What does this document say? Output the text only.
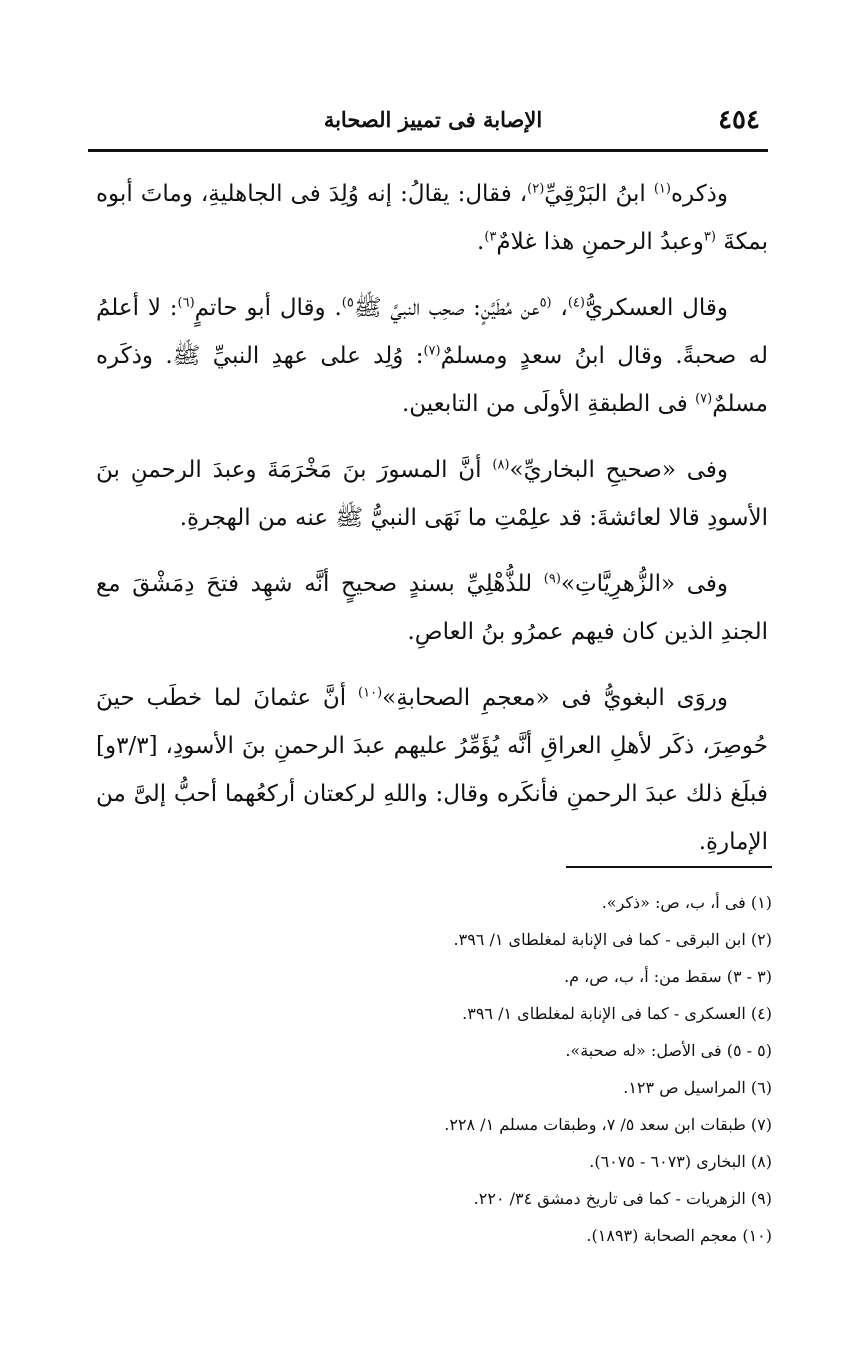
٤٥٤
الإصابة فى تمييز الصحابة

وذكره$^{(١)}$ ابنُ البَرْقِيِّ$^{(٢)}$، فقال: يقالُ: إنه وُلِدَ فى الجاهليةِ، وماتَ أبوه بمكةَ $^{(٣}$وعبدُ الرحمنِ هذا غلامٌ$^{٣)}$.

وقال العسكريُّ$^{(٤)}$، $^{(٥}$عن مُطَيَّنٍ: صحِب النبيَّ ﷺ$^{٥)}$. وقال أبو حاتمٍ$^{(٦)}$: لا أعلمُ له صحبةً. وقال ابنُ سعدٍ ومسلمٌ$^{(٧)}$: وُلِد على عهدِ النبيِّ ﷺ. وذكَره مسلمٌ$^{(٧)}$ فى الطبقةِ الأولَى من التابعين.

وفى «صحيحِ البخاريِّ»$^{(٨)}$ أنَّ المسورَ بنَ مَخْرَمَةَ وعبدَ الرحمنِ بنَ الأسودِ قالا لعائشةَ: قد علِمْتِ ما نَهَى النبيُّ ﷺ عنه من الهجرةِ.

وفى «الزُّهرِيَّاتِ»$^{(٩)}$ للذُّهْلِيِّ بسندٍ صحيحٍ أنَّه شهِد فتحَ دِمَشْقَ مع الجندِ الذين كان فيهم عمرُو بنُ العاصِ.

وروَى البغويُّ فى «معجمِ الصحابةِ»$^{(١٠)}$ أنَّ عثمانَ لما خطَب حينَ حُوصِرَ، ذكَر لأهلِ العراقِ أنَّه يُؤَمِّرُ عليهم عبدَ الرحمنِ بنَ الأسودِ، [٣/٣و] فبلَغ ذلك عبدَ الرحمنِ فأنكَره وقال: واللهِ لركعتان أركعُهما أحبُّ إلىَّ من الإمارةِ.

(١) فى أ، ب، ص: «ذكر».
(٢) ابن البرقى - كما فى الإنابة لمغلطاى ١/ ٣٩٦.
(٣ - ٣) سقط من: أ، ب، ص، م.
(٤) العسكرى - كما فى الإنابة لمغلطاى ١/ ٣٩٦.
(٥ - ٥) فى الأصل: «له صحبة».
(٦) المراسيل ص ١٢٣.
(٧) طبقات ابن سعد ٥/ ٧، وطبقات مسلم ١/ ٢٢٨.
(٨) البخارى (٦٠٧٣ - ٦٠٧٥).
(٩) الزهريات - كما فى تاريخ دمشق ٣٤/ ٢٢٠.
(١٠) معجم الصحابة (١٨٩٣).
